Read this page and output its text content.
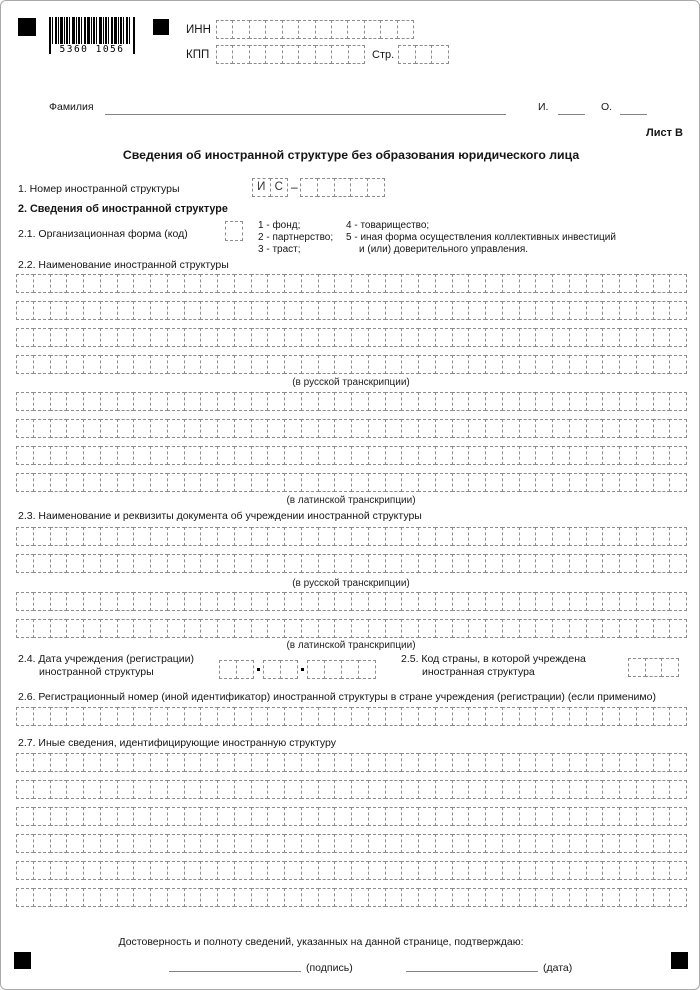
5360 1056
ИНН
КПП	Стр.
Фамилия	И.	О.
Лист В
Сведения об иностранной структуре без образования юридического лица
1. Номер иностранной структуры	И С –
2. Сведения об иностранной структуре
2.1. Организационная форма (код)
1 - фонд;
2 - партнерство;
3 - траст;
4 - товарищество;
5 - иная форма осуществления коллективных инвестиций
и (или) доверительного управления.
2.2. Наименование иностранной структуры
(в русской транскрипции)
(в латинской транскрипции)
2.3. Наименование и реквизиты документа об учреждении иностранной структуры
(в русской транскрипции)
(в латинской транскрипции)
2.4. Дата учреждения (регистрации)
иностранной структуры
2.5. Код страны, в которой учреждена
иностранная структура
2.6. Регистрационный номер (иной идентификатор) иностранной структуры в стране учреждения (регистрации) (если применимо)
2.7. Иные сведения, идентифицирующие иностранную структуру
Достоверность и полноту сведений, указанных на данной странице, подтверждаю:
(подпись)	(дата)
